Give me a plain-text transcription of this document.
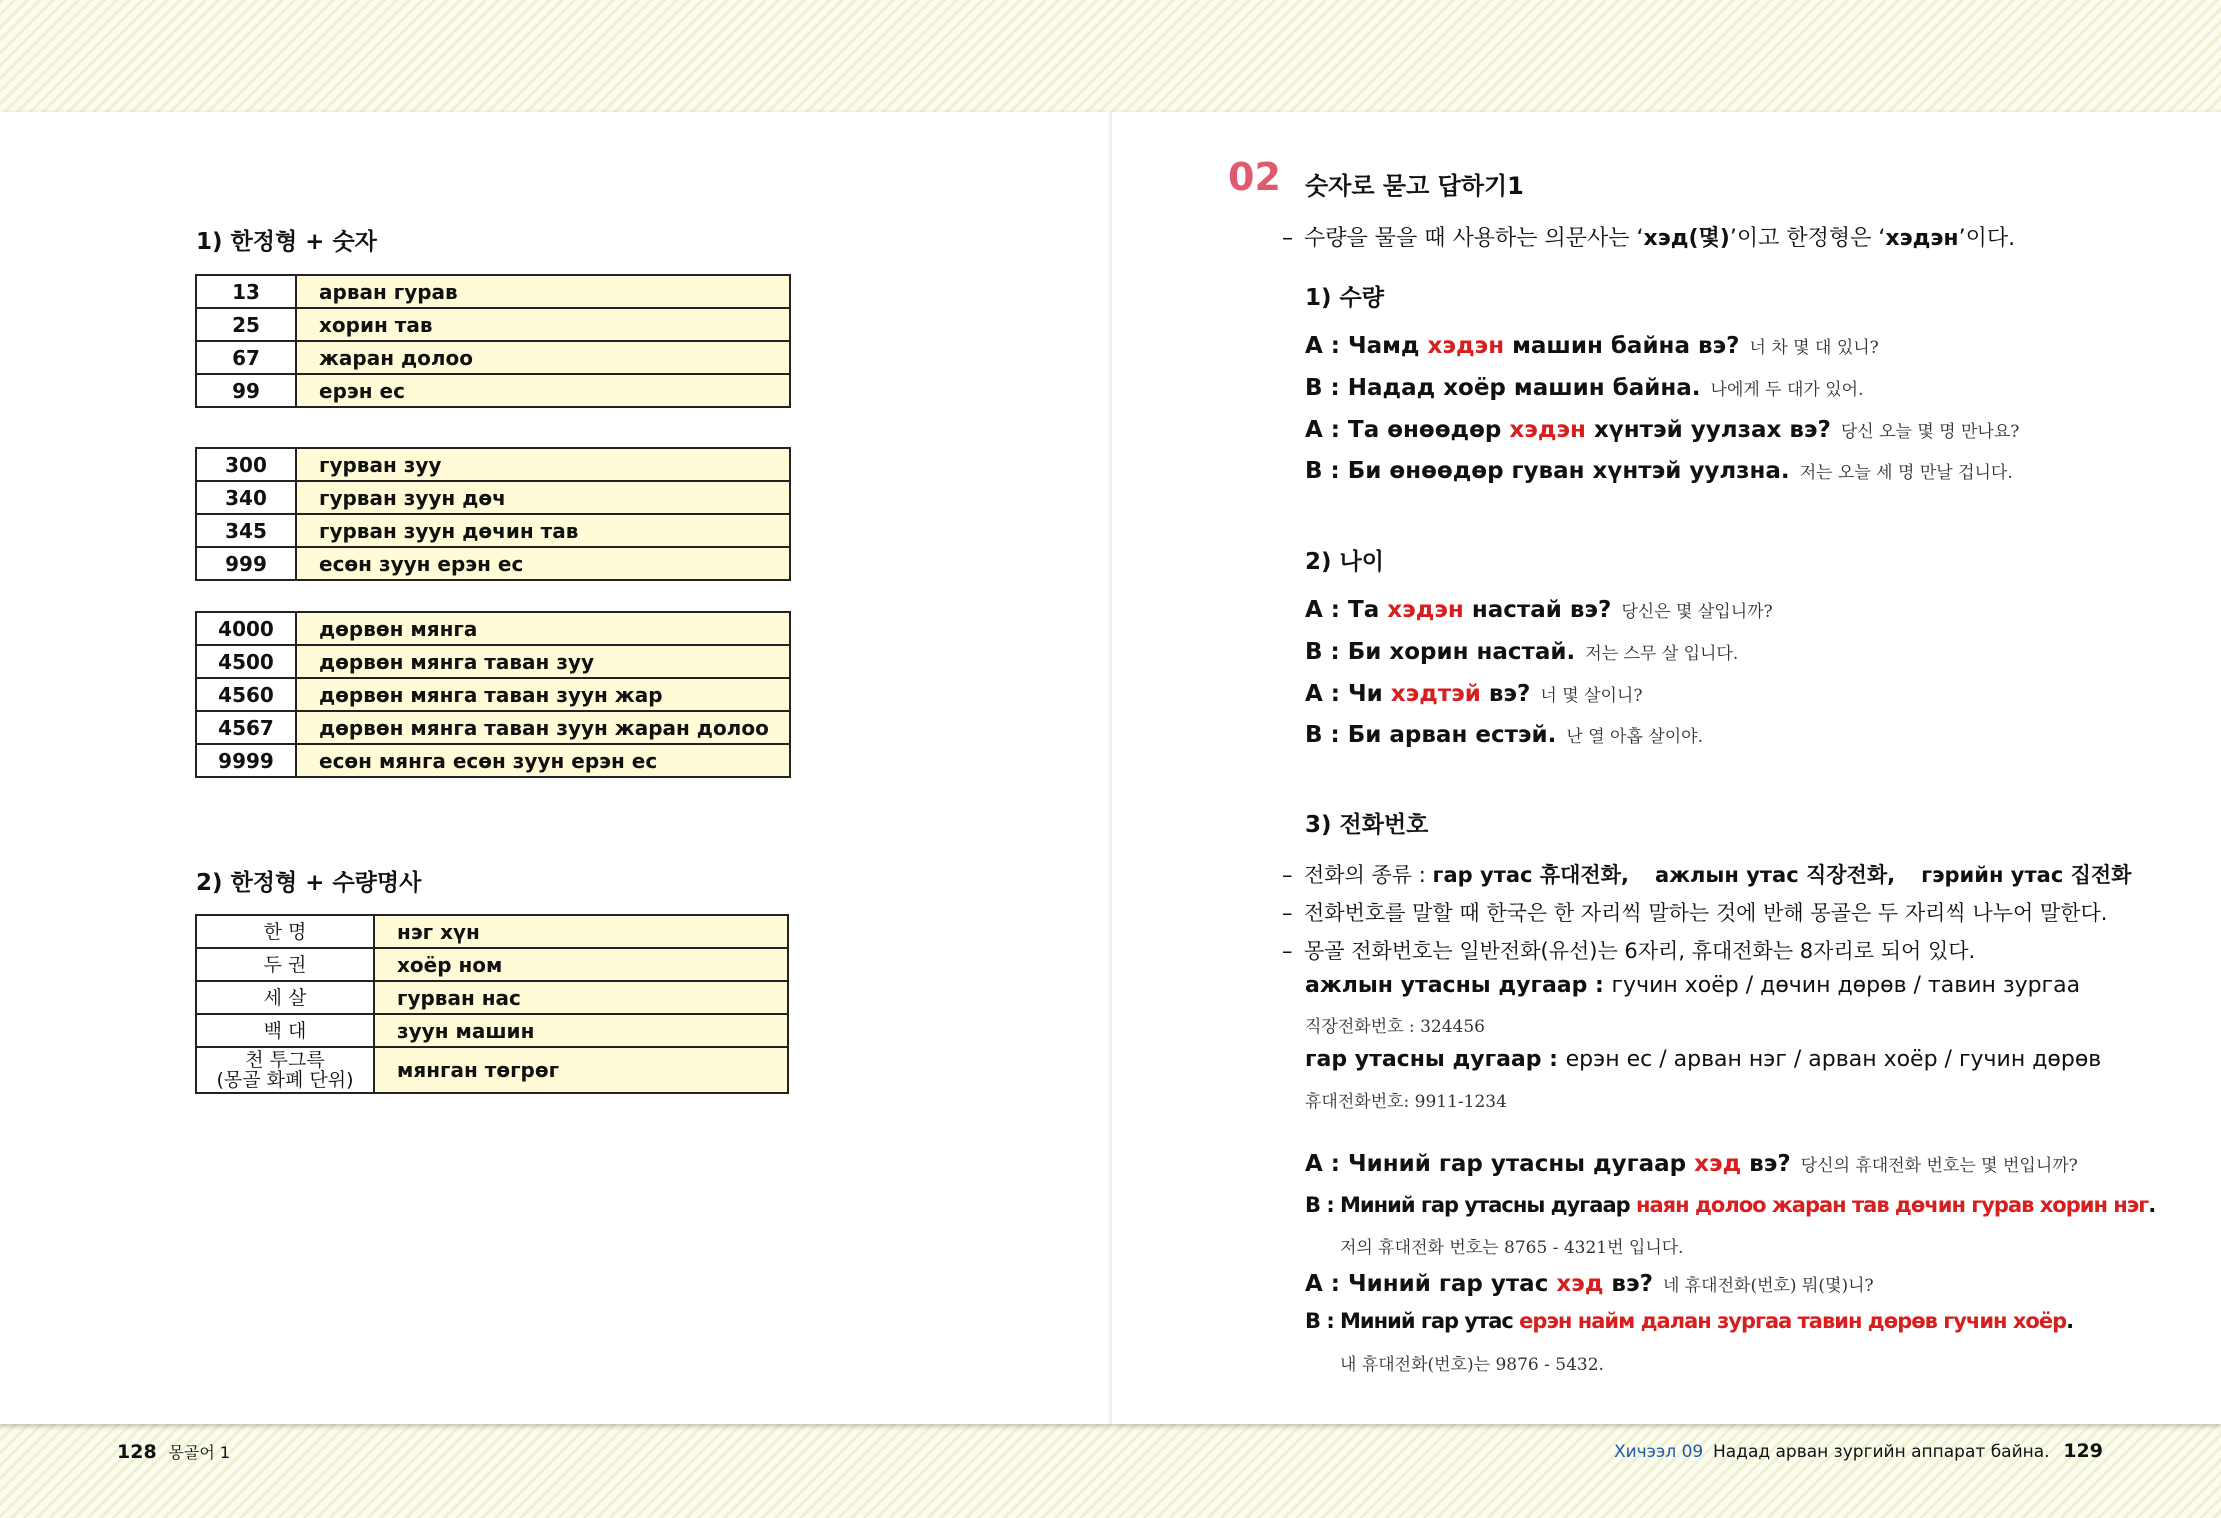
1) 한정형 + 숫자
13	арван гурав
25	хорин тав
67	жаран долоо
99	ерэн ес
300	гурван зуу
340	гурван зуун дөч
345	гурван зуун дөчин тав
999	есөн зуун ерэн ес
4000	дөрвөн мянга
4500	дөрвөн мянга таван зуу
4560	дөрвөн мянга таван зуун жар
4567	дөрвөн мянга таван зуун жаран долоо
9999	есөн мянга есөн зуун ерэн ес
2) 한정형 + 수량명사
한 명	нэг хүн
두 권	хоёр ном
세 살	гурван нас
백 대	зуун машин
천 투그륵
(몽골 화폐 단위)	мянган төгрөг
128 몽골어 1
02 숫자로 묻고 답하기1
– 수량을 물을 때 사용하는 의문사는 ‘хэд(몇)’이고 한정형은 ‘хэдэн’이다.
1) 수량
A : Чамд хэдэн машин байна вэ? 너 차 몇 대 있니?
B : Надад хоёр машин байна. 나에게 두 대가 있어.
A : Та өнөөдөр хэдэн хүнтэй уулзах вэ? 당신 오늘 몇 명 만나요?
B : Би өнөөдөр гуван хүнтэй уулзна. 저는 오늘 세 명 만날 겁니다.
2) 나이
A : Та хэдэн настай вэ? 당신은 몇 살입니까?
B : Би хорин настай. 저는 스무 살 입니다.
A : Чи хэдтэй вэ? 너 몇 살이니?
B : Би арван естэй. 난 열 아홉 살이야.
3) 전화번호
– 전화의 종류 : гар утас 휴대전화, ажлын утас 직장전화, гэрийн утас 집전화
– 전화번호를 말할 때 한국은 한 자리씩 말하는 것에 반해 몽골은 두 자리씩 나누어 말한다.
– 몽골 전화번호는 일반전화(유선)는 6자리, 휴대전화는 8자리로 되어 있다.
ажлын утасны дугаар : гучин хоёр / дөчин дөрөв / тавин зургаа
직장전화번호 : 324456
гар утасны дугаар : ерэн ес / арван нэг / арван хоёр / гучин дөрөв
휴대전화번호: 9911-1234
A : Чиний гар утасны дугаар хэд вэ? 당신의 휴대전화 번호는 몇 번입니까?
B : Миний гар утасны дугаар наян долоо жаран тав дөчин гурав хорин нэг.
저의 휴대전화 번호는 8765 - 4321번 입니다.
A : Чиний гар утас хэд вэ? 네 휴대전화(번호) 뭐(몇)니?
B : Миний гар утас ерэн найм далан зургаа тавин дөрөв гучин хоёр.
내 휴대전화(번호)는 9876 - 5432.
Хичээл 09 Надад арван зургийн аппарат байна. 129
